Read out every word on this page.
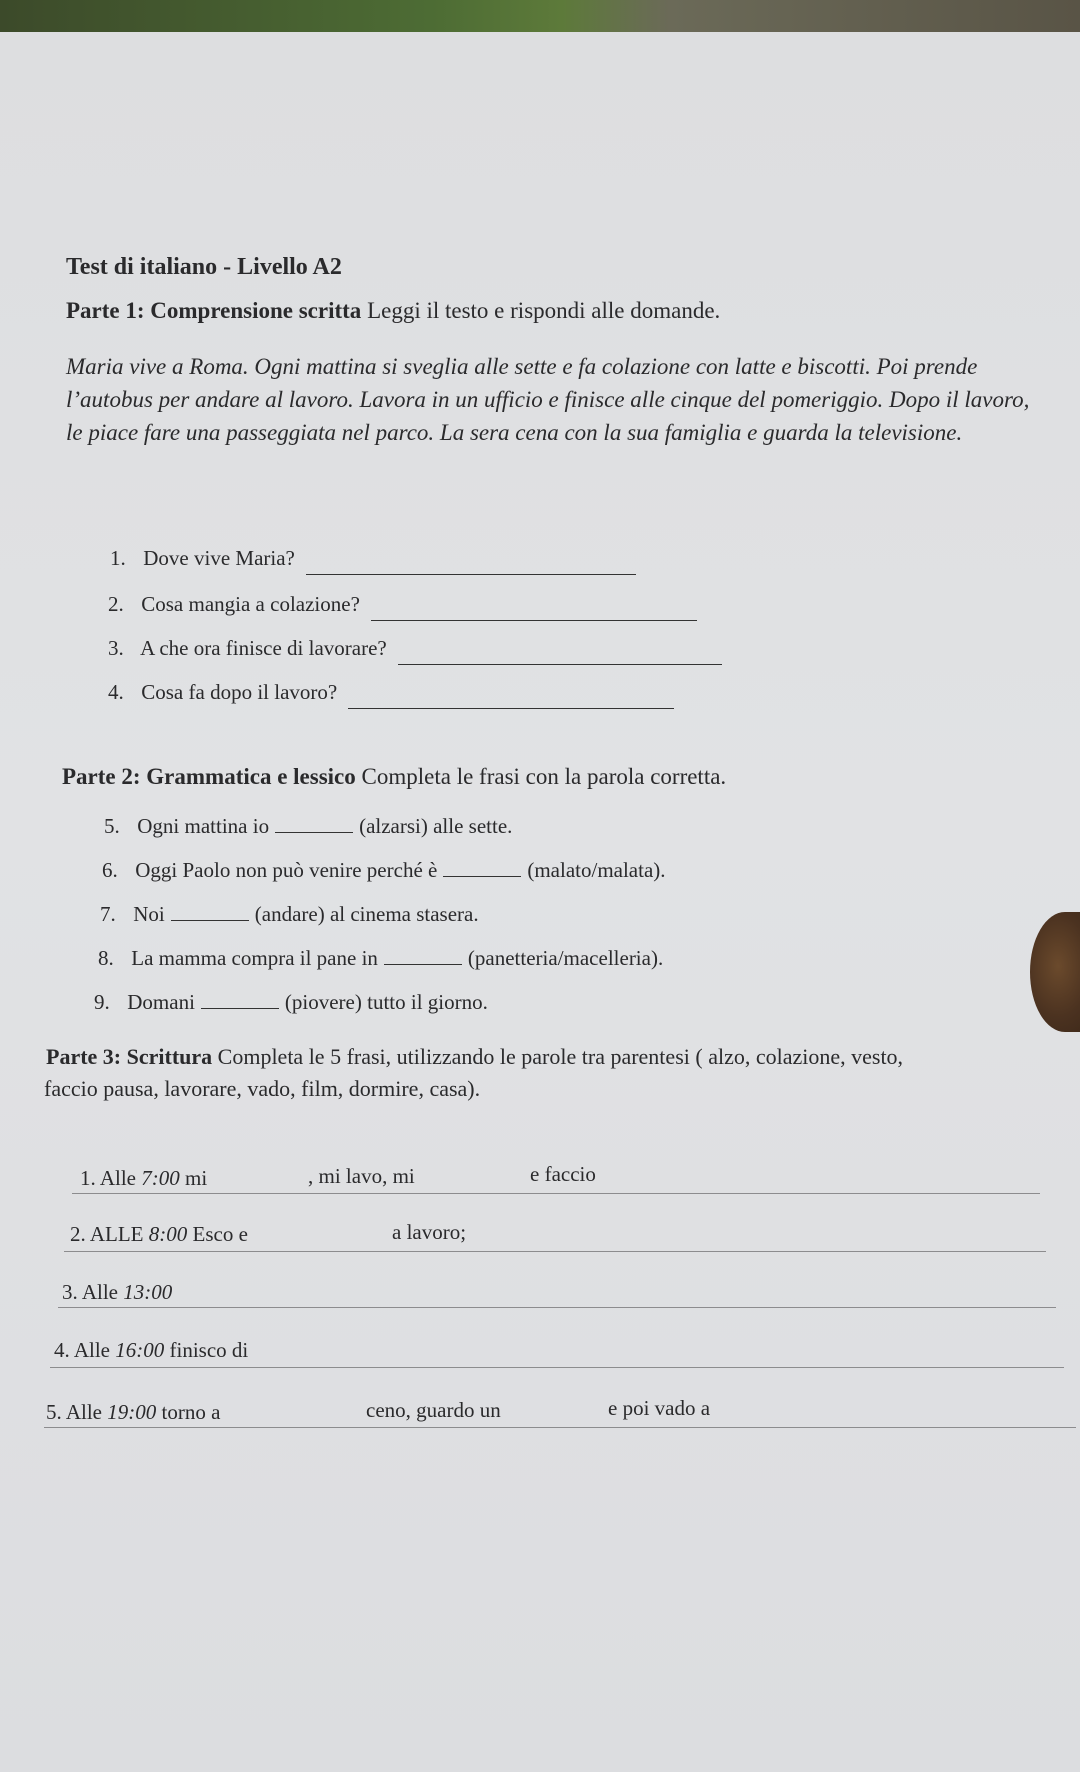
Test di italiano - Livello A2

Parte 1: Comprensione scritta Leggi il testo e rispondi alle domande.

Maria vive a Roma. Ogni mattina si sveglia alle sette e fa colazione con latte e biscotti. Poi prende l’autobus per andare al lavoro. Lavora in un ufficio e finisce alle cinque del pomeriggio. Dopo il lavoro, le piace fare una passeggiata nel parco. La sera cena con la sua famiglia e guarda la televisione.

1. Dove vive Maria?
2. Cosa mangia a colazione?
3. A che ora finisce di lavorare?
4. Cosa fa dopo il lavoro?

Parte 2: Grammatica e lessico Completa le frasi con la parola corretta.

5. Ogni mattina io	(alzarsi) alle sette.
6. Oggi Paolo non può venire perché è	(malato/malata).
7. Noi	(andare) al cinema stasera.
8. La mamma compra il pane in	(panetteria/macelleria).
9. Domani	(piovere) tutto il giorno.

Parte 3: Scrittura Completa le 5 frasi, utilizzando le parole tra parentesi ( alzo, colazione, vesto,

faccio pausa, lavorare, vado, film, dormire, casa).

1. Alle 7:00 mi	, mi lavo, mi	e faccio
2. ALLE 8:00 Esco e	a lavoro;
3. Alle 13:00
4. Alle 16:00 finisco di
5. Alle 19:00 torno a	ceno, guardo un	e poi vado a
